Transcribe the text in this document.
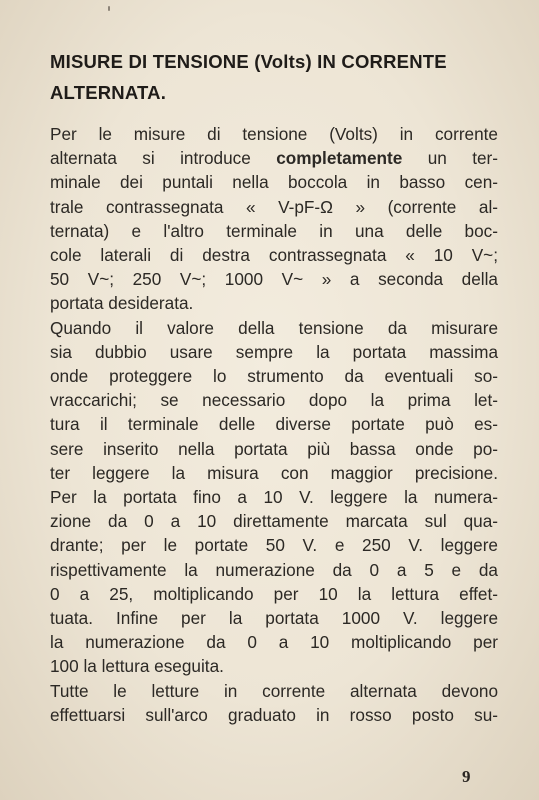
MISURE DI TENSIONE (Volts) IN CORRENTE
ALTERNATA.
Per le misure di tensione (Volts) in corrente
alternata si introduce completamente un ter-
minale dei puntali nella boccola in basso cen-
trale contrassegnata « V-pF-Ω » (corrente al-
ternata) e l'altro terminale in una delle boc-
cole laterali di destra contrassegnata « 10 V~;
50 V~; 250 V~; 1000 V~ » a seconda della
portata desiderata.
Quando il valore della tensione da misurare
sia dubbio usare sempre la portata massima
onde proteggere lo strumento da eventuali so-
vraccarichi; se necessario dopo la prima let-
tura il terminale delle diverse portate può es-
sere inserito nella portata più bassa onde po-
ter leggere la misura con maggior precisione.
Per la portata fino a 10 V. leggere la numera-
zione da 0 a 10 direttamente marcata sul qua-
drante; per le portate 50 V. e 250 V. leggere
rispettivamente la numerazione da 0 a 5 e da
0 a 25, moltiplicando per 10 la lettura effet-
tuata. Infine per la portata 1000 V. leggere
la numerazione da 0 a 10 moltiplicando per
100 la lettura eseguita.
Tutte le letture in corrente alternata devono
effettuarsi sull'arco graduato in rosso posto su-
9
